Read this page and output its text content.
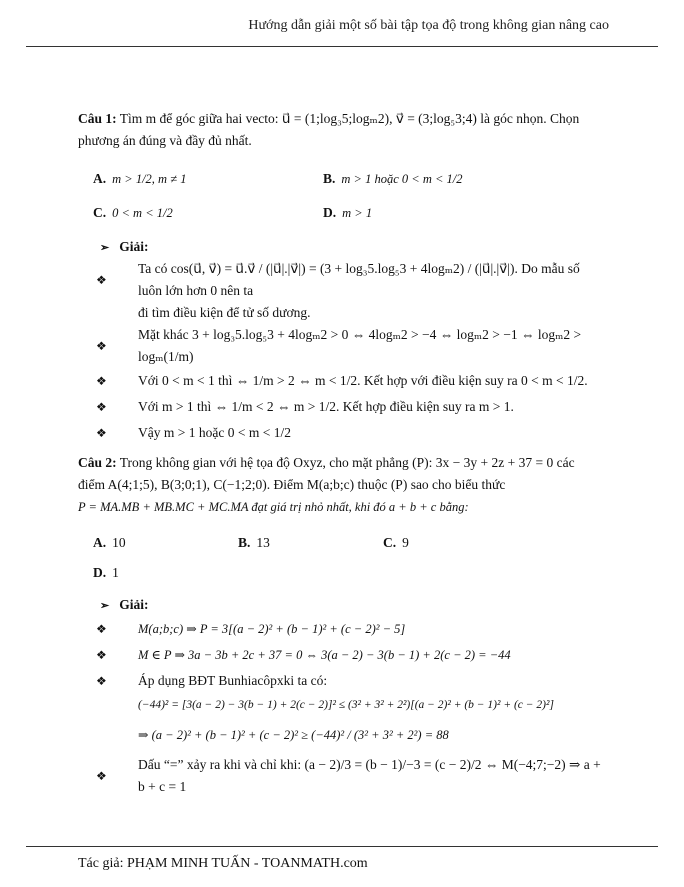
Hướng dẫn giải một số bài tập tọa độ trong không gian nâng cao

Câu 1: Tìm m để góc giữa hai vecto: u⃗ = (1;log₃5;logₘ2), v⃗ = (3;log₅3;4) là góc nhọn. Chọn phương án đúng và đầy đủ nhất.

A. m > 1/2, m ≠ 1	B. m > 1 hoặc 0 < m < 1/2
C. 0 < m < 1/2	D. m > 1
➢ Giải:
❖
Ta có cos(u⃗, v⃗) = u⃗.v⃗ / (|u⃗|.|v⃗|) = (3 + log₃5.log₅3 + 4logₘ2) / (|u⃗|.|v⃗|). Do mẫu số luôn lớn hơn 0 nên ta
đi tìm điều kiện để tử số dương.
❖
Mặt khác 3 + log₃5.log₅3 + 4logₘ2 > 0 ⇔ 4logₘ2 > −4 ⇔ logₘ2 > −1 ⇔ logₘ2 > logₘ(1/m)
❖ Với 0 < m < 1 thì ⇔ 1/m > 2 ⇔ m < 1/2. Kết hợp với điều kiện suy ra 0 < m < 1/2.
❖ Với m > 1 thì ⇔ 1/m < 2 ⇔ m > 1/2. Kết hợp điều kiện suy ra m > 1.
❖ Vậy m > 1 hoặc 0 < m < 1/2

Câu 2: Trong không gian với hệ tọa độ Oxyz, cho mặt phẳng (P): 3x − 3y + 2z + 37 = 0 các
điểm A(4;1;5), B(3;0;1), C(−1;2;0). Điểm M(a;b;c) thuộc (P) sao cho biểu thức
P = MA.MB + MB.MC + MC.MA đạt giá trị nhỏ nhất, khi đó a + b + c bằng:

A. 10	B. 13	C. 9
D. 1
➢ Giải:
❖ M(a;b;c) ⇒ P = 3[(a − 2)² + (b − 1)² + (c − 2)² − 5]
❖ M ∈ P ⇒ 3a − 3b + 2c + 37 = 0 ⇔ 3(a − 2) − 3(b − 1) + 2(c − 2) = −44
❖ Áp dụng BĐT Bunhiacôpxki ta có:
(−44)² = [3(a − 2) − 3(b − 1) + 2(c − 2)]² ≤ (3² + 3² + 2²)[(a − 2)² + (b − 1)² + (c − 2)²]
⇒ (a − 2)² + (b − 1)² + (c − 2)² ≥ (−44)² / (3² + 3² + 2²) = 88
❖
Dấu “=” xảy ra khi và chỉ khi: (a − 2)/3 = (b − 1)/−3 = (c − 2)/2 ⇔ M(−4;7;−2) ⇒ a + b + c = 1
Tác giả: PHẠM MINH TUẤN - TOANMATH.com
